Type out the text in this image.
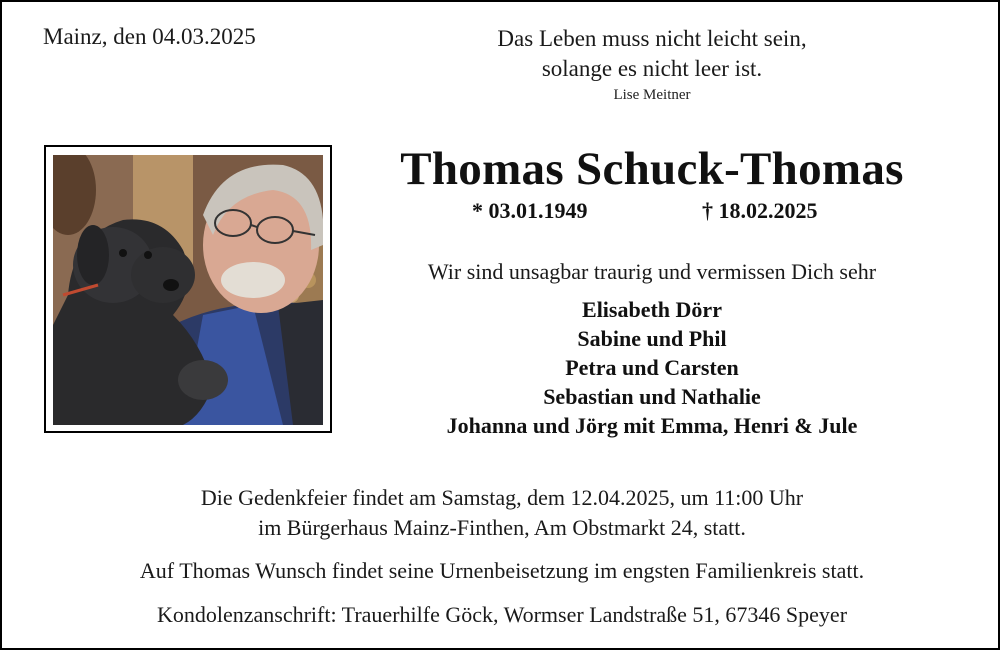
Mainz, den 04.03.2025	Das Leben muss nicht leicht sein,
solange es nicht leer ist.
Lise Meitner
Thomas Schuck-Thomas
* 03.01.1949	† 18.02.2025
Wir sind unsagbar traurig und vermissen Dich sehr
Elisabeth Dörr
Sabine und Phil
Petra und Carsten
Sebastian und Nathalie
Johanna und Jörg mit Emma, Henri & Jule
Die Gedenkfeier findet am Samstag, dem 12.04.2025, um 11:00 Uhr
im Bürgerhaus Mainz-Finthen, Am Obstmarkt 24, statt.
Auf Thomas Wunsch findet seine Urnenbeisetzung im engsten Familienkreis statt.
Kondolenzanschrift: Trauerhilfe Göck, Wormser Landstraße 51, 67346 Speyer
